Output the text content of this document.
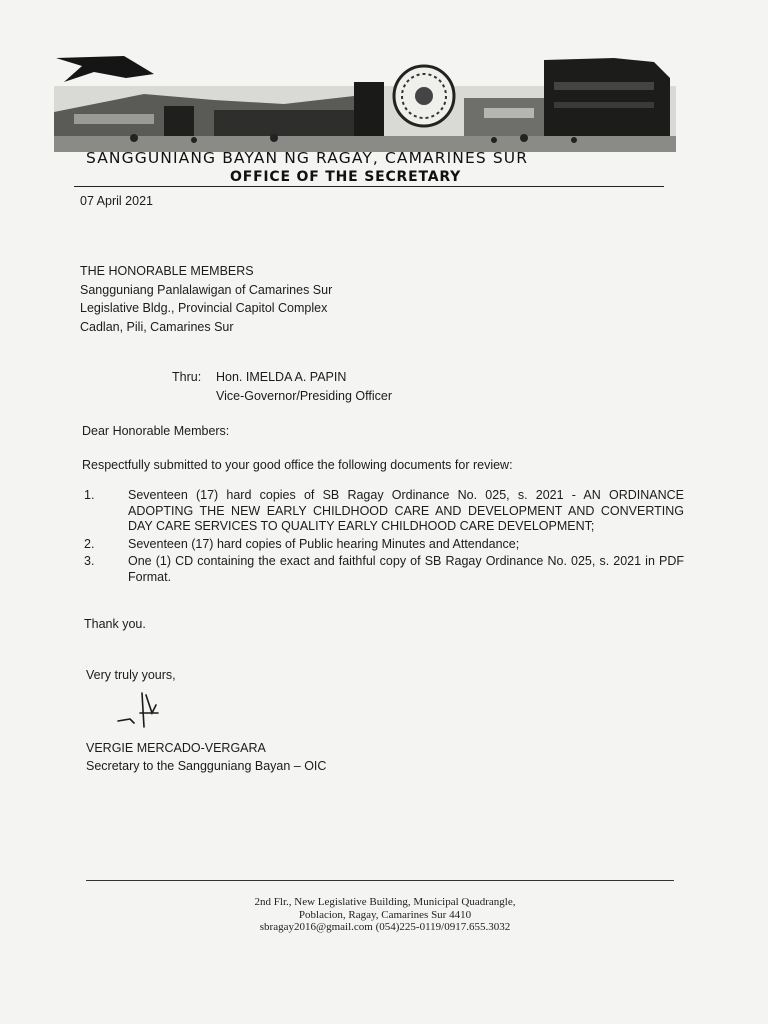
SANGGUNIANG BAYAN NG RAGAY, CAMARINES SUR
OFFICE OF THE SECRETARY
07 April 2021
THE HONORABLE MEMBERS
Sangguniang Panlalawigan of Camarines Sur
Legislative Bldg., Provincial Capitol Complex
Cadlan, Pili, Camarines Sur
Thru: Hon. IMELDA A. PAPIN
Vice-Governor/Presiding Officer
Dear Honorable Members:
Respectfully submitted to your good office the following documents for review:
1.	Seventeen (17) hard copies of SB Ragay Ordinance No. 025, s. 2021 - AN ORDINANCE ADOPTING THE NEW EARLY CHILDHOOD CARE AND DEVELOPMENT AND CONVERTING DAY CARE SERVICES TO QUALITY EARLY CHILDHOOD CARE DEVELOPMENT;
2.	Seventeen (17) hard copies of Public hearing Minutes and Attendance;
3.	One (1) CD containing the exact and faithful copy of SB Ragay Ordinance No. 025, s. 2021 in PDF Format.
Thank you.
Very truly yours,
VERGIE MERCADO-VERGARA
Secretary to the Sangguniang Bayan – OIC
2nd Flr., New Legislative Building, Municipal Quadrangle,
Poblacion, Ragay, Camarines Sur 4410
sbragay2016@gmail.com (054)225-0119/0917.655.3032
